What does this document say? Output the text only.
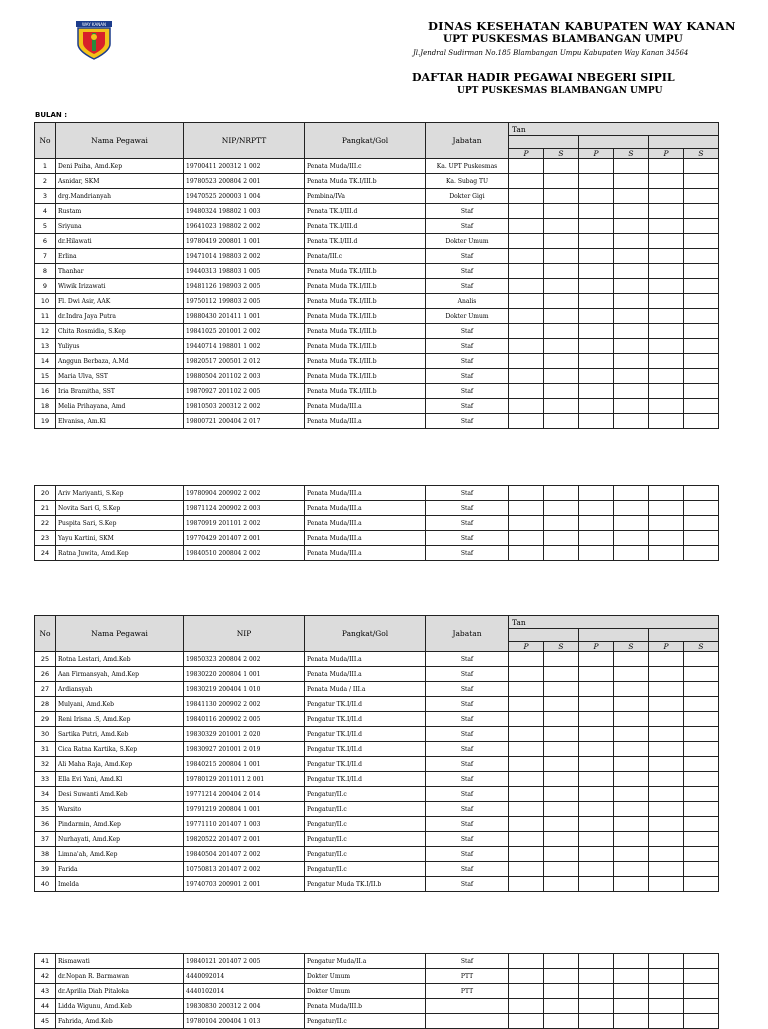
WAY KANAN	DINAS KESEHATAN KABUPATEN WAY KANAN
UPT PUSKESMAS BLAMBANGAN UMPU
Jl.Jendral Sudirman No.185 Blambangan Umpu Kabupaten Way Kanan 34564
DAFTAR HADIR PEGAWAI NBEGERI SIPIL
UPT PUSKESMAS BLAMBANGAN UMPU
BULAN :
No	Nama Pegawai	NIP/NRPTT	Pangkat/Gol	Jabatan	Tan					

					P	S	P	S	P	S
1	Deni Paiha, Amd.Kep	19700411 200312 1 002	Penata Muda/III.c	Ka. UPT Puskesmas						
2	Asnidar, SKM	19780523 200804 2 001	Penata Muda TK.I/III.b	Ka. Subag TU						
3	drg.Mandrianyah	19470525 200003 1 004	Pembina/IVa	Dokter Gigi						
4	Rustam	19480324 198802 1 003	Penata TK.I/III.d	Staf						
5	Sriyuna	19641023 198802 2 002	Penata TK.I/III.d	Staf						
6	dr.Hilawati	19780419 200801 1 001	Penata TK.I/III.d	Dokter Umum						
7	Erlina	19471014 198803 2 002	Penata/III.c	Staf						
8	Thanhar	19440313 198803 1 005	Penata Muda TK.I/III.b	Staf						
9	Wiwik Irizawati	19481126 198903 2 005	Penata Muda TK.I/III.b	Staf						
10	Fl. Dwi Asir, AAK	19750112 199803 2 005	Penata Muda TK.I/III.b	Analis						
11	dr.Indra Jaya Putra	19880430 201411 1 001	Penata Muda TK.I/III.b	Dokter Umum						
12	Chita Rosmidia, S.Kep	19841025 201001 2 002	Penata Muda TK.I/III.b	Staf						
13	Yuliyus	19440714 198801 1 002	Penata Muda TK.I/III.b	Staf						
14	Anggun Berbaza, A.Md	19820517 200501 2 012	Penata Muda TK.I/III.b	Staf						
15	Maria Ulva, SST	19880504 201102 2 003	Penata Muda TK.I/III.b	Staf						
16	Iria Bramitha, SST	19870927 201102 2 005	Penata Muda TK.I/III.b	Staf						
18	Melia Prihayana, Amd	19810503 200312 2 002	Penata Muda/III.a	Staf						
19	Elvanisa, Am.Kl	19800721 200404 2 017	Penata Muda/III.a	Staf						
20	Ariv Mariyanti, S.Kep	19780904 200902 2 002	Penata Muda/III.a	Staf						
21	Novita Sari G, S.Kep	19871124 200902 2 003	Penata Muda/III.a	Staf						
22	Puspita Sari, S.Kep	19870919 201101 2 002	Penata Muda/III.a	Staf						
23	Yayu Kartini, SKM	19770429 201407 2 001	Penata Muda/III.a	Staf						
24	Ratna Juwita, Amd.Kep	19840510 200804 2 002	Penata Muda/III.a	Staf						
No	Nama Pegawai	NIP	Pangkat/Gol	Jabatan	Tan					

					P	S	P	S	P	S
25	Rotna Lestari, Amd.Keb	19850323 200804 2 002	Penata Muda/III.a	Staf						
26	Aan Firmansyah, Amd.Kep	19830220 200804 1 001	Penata Muda/III.a	Staf						
27	Ardiansyah	19830219 200404 1 010	Penata Muda / III.a	Staf						
28	Mulyani, Amd.Keb	19841130 200902 2 002	Pengatur TK.I/II.d	Staf						
29	Reni Irisna .S, Amd.Kep	19840116 200902 2 005	Pengatur TK.I/II.d	Staf						
30	Sartika Putri, Amd.Keb	19830329 201001 2 020	Pengatur TK.I/II.d	Staf						
31	Cica Ratna Kartika, S.Kep	19830927 201001 2 019	Pengatur TK.I/II.d	Staf						
32	Ali Maha Raja, Amd.Kep	19840215 200804 1 001	Pengatur TK.I/II.d	Staf						
33	Ella Evi Yani, Amd.Kl	19780129 2011011 2 001	Pengatur TK.I/II.d	Staf						
34	Desi Suwanti Amd.Keb	19771214 200404 2 014	Pengatur/II.c	Staf						
35	Warsito	19791219 200804 1 001	Pengatur/II.c	Staf						
36	Pindarmin, Amd.Kep	19771110 201407 1 003	Pengatur/II.c	Staf						
37	Nurhayati, Amd.Kep	19820522 201407 2 001	Pengatur/II.c	Staf						
38	Limna'ah, Amd.Kep	19840504 201407 2 002	Pengatur/II.c	Staf						
39	Farida	10750813 201407 2 002	Pengatur/II.c	Staf						
40	Imelda	19740703 200901 2 001	Pengatur Muda TK.I/II.b	Staf						
41	Rismawati	19840121 201407 2 005	Pengatur Muda/II.a	Staf						
42	dr.Nopan R. Barmawan	4440092014	Dokter Umum	PTT						
43	dr.Aprilia Diah Pitaloka	4440102014	Dokter Umum	PTT						
44	Lidda Wigunu, Amd.Keb	19830830 200312 2 004	Penata Muda/III.b							
45	Fahrida, Amd.Keb	19780104 200404 1 013	Pengatur/II.c							
